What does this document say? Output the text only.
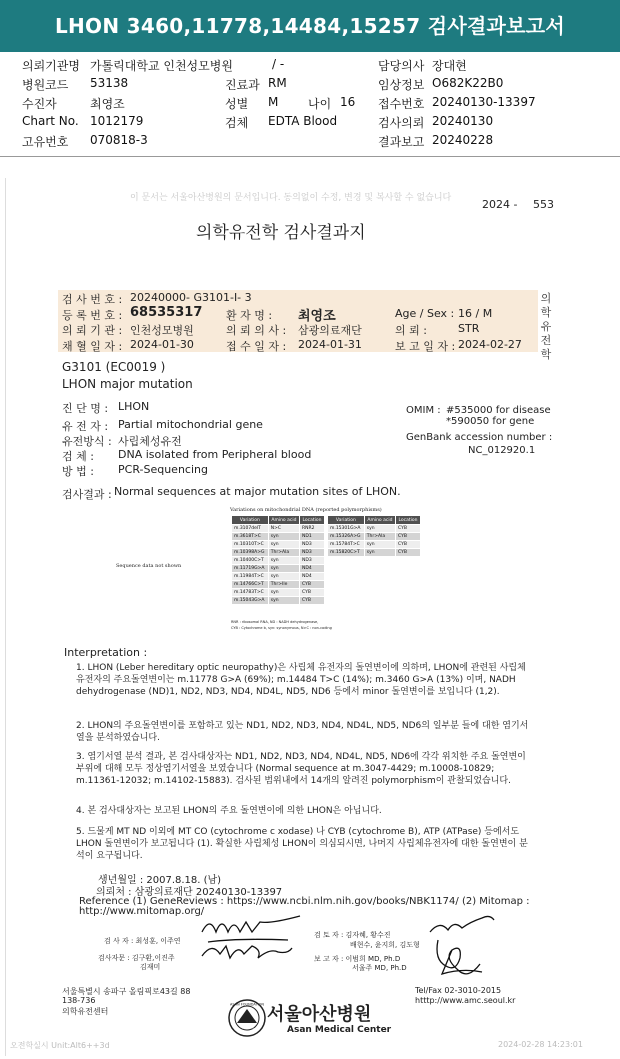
LHON 3460,11778,14484,15257 검사결과보고서
의뢰기관명 가톨릭대학교 인천성모병원
병원코드 53138
수진자	최영조
Chart No. 1012179
고유번호 070818-3
진료과 RM
성별 M 나이 16
검체 EDTA Blood
담당의사 장대현
임상정보 O682K22B0
접수번호 20240130-13397
검사의뢰 20240130
결과보고 20240228
/ -
이 문서는 서울아산병원의 문서입니다. 동의없이 수정, 변경 및 복사할 수 없습니다	2024 - 553
의학유전학 검사결과지
의학유전학
검 사 번 호 : 20240000- G3101-I- 3
등 록 번 호 : 68535317 환 자 명 : 최영조	Age / Sex : 16 / M
의 뢰 기 관 : 인천성모병원	의 뢰 의 사 : 삼광의료재단	의 뢰 :	STR
채 혈 일 자 : 2024-01-30	접 수 일 자 : 2024-01-31	보 고 일 자 : 2024-02-27
G3101 (EC0019 )
LHON major mutation
진 단 명 : LHON
유 전 자 : Partial mitochondrial gene
유전방식 : 사립체성유전
검 체 : DNA isolated from Peripheral blood
방 법 : PCR-Sequencing
OMIM : #535000 for disease
*590050 for gene
GenBank accession number :
NC_012920.1
검사결과 : Normal sequences at major mutation sites of LHON.
Variations on mitochondrial DNA (reported polymorphisms)
Sequence data not shown
Variation	Amino acid	Location
m.3107delT	N>C	RNR2
m.3618T>C	syn	ND1
m.10310T>C	syn	ND3
m.10398A>G	Thr>Ala	ND3
m.10400C>T	syn	ND3
m.11719G>A	syn	ND4
m.11984T>C	syn	ND4
m.14766C>T	Thr>Ile	CYB
m.14783T>C	syn	CYB
m.15043G>A	syn	CYB
Variation	Amino acid	Location
m.15301G>A	syn	CYB
m.15326A>G	Thr>Ala	CYB
m.15784T>C	syn	CYB
m.15820C>T	syn	CYB
RNR : ribosomal RNA, ND : NADH dehydrogenase,
CYB : Cytochrome b, syn: synonymous, N>C : non-coding
Interpretation :
1. LHON (Leber hereditary optic neuropathy)은 사립체 유전자의 돌연변이에 의하며, LHON에 관련된 사립체 유전자의 주요돌연변이는 m.11778 G>A (69%); m.14484 T>C (14%); m.3460 G>A (13%) 이며, NADH dehydrogenase (ND)1, ND2, ND3, ND4, ND4L, ND5, ND6 등에서 minor 돌연변이를 보입니다 (1,2).
2. LHON의 주요돌연변이를 포함하고 있는 ND1, ND2, ND3, ND4, ND4L, ND5, ND6의 일부분 들에 대한 염기서열을 분석하였습니다.
3. 염기서열 분석 결과, 본 검사대상자는 ND1, ND2, ND3, ND4, ND4L, ND5, ND6에 각각 위치한 주요 돌연변이 부위에 대해 모두 정상염기서열을 보였습니다 (Normal sequence at m.3047-4429; m.10008-10829; m.11361-12032; m.14102-15883). 검사된 범위내에서 14개의 알려진 polymorphism이 관찰되었습니다.
4. 본 검사대상자는 보고된 LHON의 주요 돌연변이에 의한 LHON은 아닙니다.
5. 드물게 MT ND 이외에 MT CO (cytochrome c xodase) 나 CYB (cytochrome B), ATP (ATPase) 등에서도 LHON 돌연변이가 보고됩니다 (1). 확실한 사립체성 LHON이 의심되시면, 나머지 사립체유전자에 대한 돌연변이 분석이 요구됩니다.
생년월일 : 2007.8.18. (남)
의뢰처 : 삼광의료재단 20240130-13397
Reference (1) GeneReviews : https://www.ncbi.nlm.nih.gov/books/NBK1174/ (2) Mitomap :
http://www.mitomap.org/
검 사 자 : 최성훈, 이주연
검사자문 : 김구환,이진주
김재미
검 토 자 : 김자혜, 황수진
배현수, 윤지희, 김도형
보 고 자 : 이범희 MD, Ph.D
서울주 MD, Ph.D
서울특별시 송파구 올림픽로43길 88
138-736
의학유전센터
ASAN FOUNDATION
아산재단
서울아산병원
Asan Medical Center
Tel/Fax 02-3010-2015
htttp://www.amc.seoul.kr
오전학실시 Unit:Alt6++3d	2024-02-28 14:23:01
